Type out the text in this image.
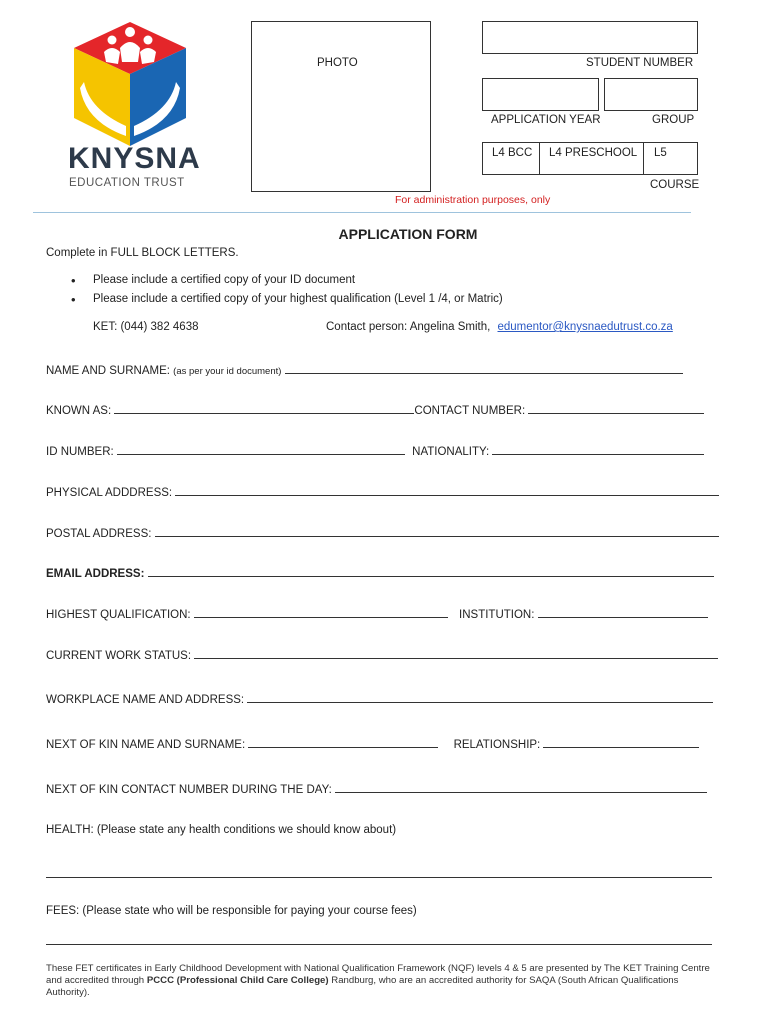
KNYSNA
EDUCATION TRUST
PHOTO	STUDENT NUMBER
APPLICATION YEAR	GROUP
L4 BCC L4 PRESCHOOL L5
COURSE
For administration purposes, only
APPLICATION FORM
Complete in FULL BLOCK LETTERS.
• Please include a certified copy of your ID document
• Please include a certified copy of your highest qualification (Level 1 /4, or Matric)
KET: (044) 382 4638	Contact person: Angelina Smith, edumentor@knysnaedutrust.co.za
NAME AND SURNAME: (as per your id document)
KNOWN AS:	CONTACT NUMBER:
ID NUMBER:	NATIONALITY:
PHYSICAL ADDDRESS:
POSTAL ADDRESS:
EMAIL ADDRESS:
HIGHEST QUALIFICATION:	INSTITUTION:
CURRENT WORK STATUS:
WORKPLACE NAME AND ADDRESS:
NEXT OF KIN NAME AND SURNAME:	RELATIONSHIP:
NEXT OF KIN CONTACT NUMBER DURING THE DAY:
HEALTH: (Please state any health conditions we should know about)
FEES: (Please state who will be responsible for paying your course fees)
These FET certificates in Early Childhood Development with National Qualification Framework (NQF) levels 4 & 5 are presented by The KET Training Centre and accredited through PCCC (Professional Child Care College) Randburg, who are an accredited authority for SAQA (South African Qualifications Authority).
